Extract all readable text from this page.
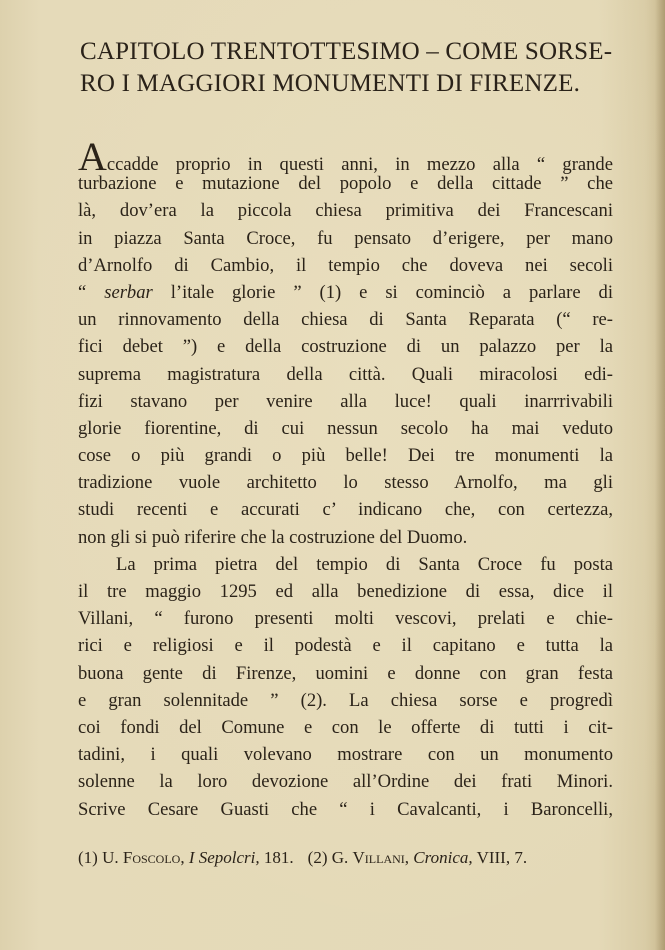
CAPITOLO TRENTOTTESIMO – COME SORSE-
RO I MAGGIORI MONUMENTI DI FIRENZE.
Accadde proprio in questi anni, in mezzo alla “ grande
turbazione e mutazione del popolo e della cittade ” che
là, dov’era la piccola chiesa primitiva dei Francescani
in piazza Santa Croce, fu pensato d’erigere, per mano
d’Arnolfo di Cambio, il tempio che doveva nei secoli
“ serbar l’itale glorie ” (1) e si cominciò a parlare di
un rinnovamento della chiesa di Santa Reparata (“ re-
fici debet ”) e della costruzione di un palazzo per la
suprema magistratura della città. Quali miracolosi edi-
fizi stavano per venire alla luce! quali inarrrivabili
glorie fiorentine, di cui nessun secolo ha mai veduto
cose o più grandi o più belle! Dei tre monumenti la
tradizione vuole architetto lo stesso Arnolfo, ma gli
studi recenti e accurati c’ indicano che, con certezza,
non gli si può riferire che la costruzione del Duomo.
La prima pietra del tempio di Santa Croce fu posta
il tre maggio 1295 ed alla benedizione di essa, dice il
Villani, “ furono presenti molti vescovi, prelati e chie-
rici e religiosi e il podestà e il capitano e tutta la
buona gente di Firenze, uomini e donne con gran festa
e gran solennitade ” (2). La chiesa sorse e progredì
coi fondi del Comune e con le offerte di tutti i cit-
tadini, i quali volevano mostrare con un monumento
solenne la loro devozione all’Ordine dei frati Minori.
Scrive Cesare Guasti che “ i Cavalcanti, i Baroncelli,
(1) U. Foscolo, I Sepolcri, 181. (2) G. Villani, Cronica, VIII, 7.
